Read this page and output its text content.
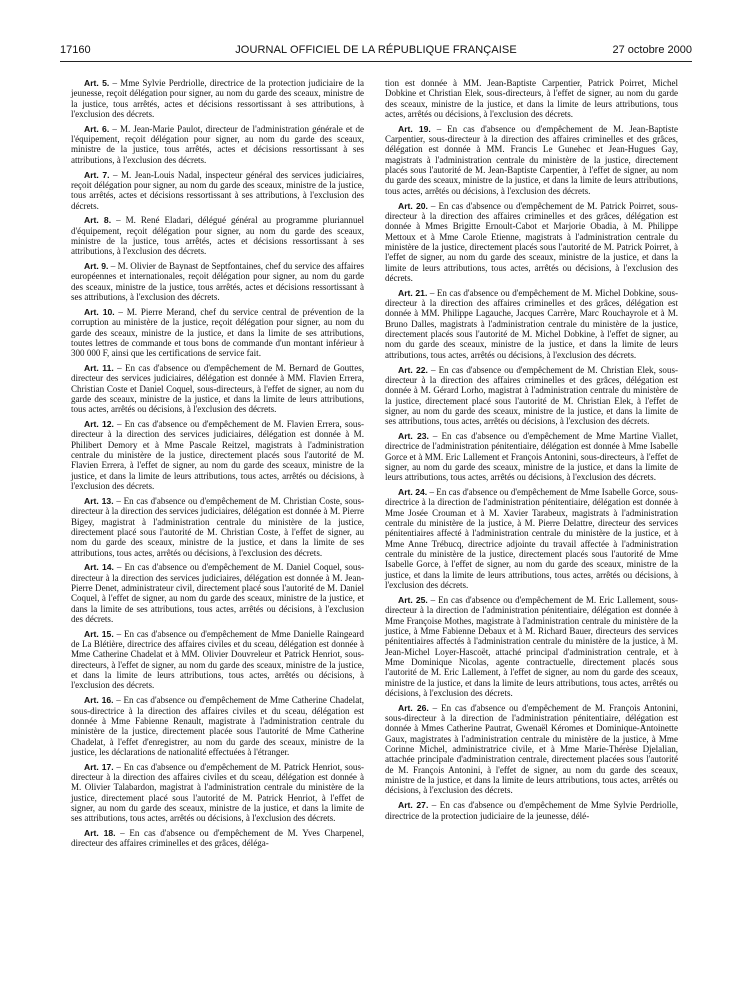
17160	JOURNAL OFFICIEL DE LA RÉPUBLIQUE FRANÇAISE	27 octobre 2000

Art. 5. – Mme Sylvie Perdriolle, directrice de la protection judiciaire de la jeunesse, reçoit délégation pour signer, au nom du garde des sceaux, ministre de la justice, tous arrêtés, actes et décisions ressortissant à ses attributions, à l'exclusion des décrets.

Art. 6. – M. Jean-Marie Paulot, directeur de l'administration générale et de l'équipement, reçoit délégation pour signer, au nom du garde des sceaux, ministre de la justice, tous arrêtés, actes et décisions ressortissant à ses attributions, à l'exclusion des décrets.

Art. 7. – M. Jean-Louis Nadal, inspecteur général des services judiciaires, reçoit délégation pour signer, au nom du garde des sceaux, ministre de la justice, tous arrêtés, actes et décisions ressortissant à ses attributions, à l'exclusion des décrets.

Art. 8. – M. René Eladari, délégué général au programme pluriannuel d'équipement, reçoit délégation pour signer, au nom du garde des sceaux, ministre de la justice, tous arrêtés, actes et décisions ressortissant à ses attributions, à l'exclusion des décrets.

Art. 9. – M. Olivier de Baynast de Septfontaines, chef du service des affaires européennes et internationales, reçoit délégation pour signer, au nom du garde des sceaux, ministre de la justice, tous arrêtés, actes et décisions ressortissant à ses attributions, à l'exclusion des décrets.

Art. 10. – M. Pierre Merand, chef du service central de prévention de la corruption au ministère de la justice, reçoit délégation pour signer, au nom du garde des sceaux, ministre de la justice, et dans la limite de ses attributions, toutes lettres de commande et tous bons de commande d'un montant inférieur à 300 000 F, ainsi que les certifications de service fait.

Art. 11. – En cas d'absence ou d'empêchement de M. Bernard de Gouttes, directeur des services judiciaires, délégation est donnée à MM. Flavien Errera, Christian Coste et Daniel Coquel, sous-directeurs, à l'effet de signer, au nom du garde des sceaux, ministre de la justice, et dans la limite de leurs attributions, tous actes, arrêtés ou décisions, à l'exclusion des décrets.

Art. 12. – En cas d'absence ou d'empêchement de M. Flavien Errera, sous-directeur à la direction des services judiciaires, délégation est donnée à M. Philibert Demory et à Mme Pascale Reitzel, magistrats à l'administration centrale du ministère de la justice, directement placés sous l'autorité de M. Flavien Errera, à l'effet de signer, au nom du garde des sceaux, ministre de la justice, et dans la limite de leurs attributions, tous actes, arrêtés ou décisions, à l'exclusion des décrets.

Art. 13. – En cas d'absence ou d'empêchement de M. Christian Coste, sous-directeur à la direction des services judiciaires, délégation est donnée à M. Pierre Bigey, magistrat à l'administration centrale du ministère de la justice, directement placé sous l'autorité de M. Christian Coste, à l'effet de signer, au nom du garde des sceaux, ministre de la justice, et dans la limite de ses attributions, tous actes, arrêtés ou décisions, à l'exclusion des décrets.

Art. 14. – En cas d'absence ou d'empêchement de M. Daniel Coquel, sous-directeur à la direction des services judiciaires, délégation est donnée à M. Jean-Pierre Denet, administrateur civil, directement placé sous l'autorité de M. Daniel Coquel, à l'effet de signer, au nom du garde des sceaux, ministre de la justice, et dans la limite de ses attributions, tous actes, arrêtés ou décisions, à l'exclusion des décrets.

Art. 15. – En cas d'absence ou d'empêchement de Mme Danielle Raingeard de La Blétière, directrice des affaires civiles et du sceau, délégation est donnée à Mme Catherine Chadelat et à MM. Olivier Douvreleur et Patrick Henriot, sous-directeurs, à l'effet de signer, au nom du garde des sceaux, ministre de la justice, et dans la limite de leurs attributions, tous actes, arrêtés ou décisions, à l'exclusion des décrets.

Art. 16. – En cas d'absence ou d'empêchement de Mme Catherine Chadelat, sous-directrice à la direction des affaires civiles et du sceau, délégation est donnée à Mme Fabienne Renault, magistrate à l'administration centrale du ministère de la justice, directement placée sous l'autorité de Mme Catherine Chadelat, à l'effet d'enregistrer, au nom du garde des sceaux, ministre de la justice, les déclarations de nationalité effectuées à l'étranger.

Art. 17. – En cas d'absence ou d'empêchement de M. Patrick Henriot, sous-directeur à la direction des affaires civiles et du sceau, délégation est donnée à M. Olivier Talabardon, magistrat à l'administration centrale du ministère de la justice, directement placé sous l'autorité de M. Patrick Henriot, à l'effet de signer, au nom du garde des sceaux, ministre de la justice, et dans la limite de ses attributions, tous actes, arrêtés ou décisions, à l'exclusion des décrets.

Art. 18. – En cas d'absence ou d'empêchement de M. Yves Charpenel, directeur des affaires criminelles et des grâces, déléga-

tion est donnée à MM. Jean-Baptiste Carpentier, Patrick Poirret, Michel Dobkine et Christian Elek, sous-directeurs, à l'effet de signer, au nom du garde des sceaux, ministre de la justice, et dans la limite de leurs attributions, tous actes, arrêtés ou décisions, à l'exclusion des décrets.

Art. 19. – En cas d'absence ou d'empêchement de M. Jean-Baptiste Carpentier, sous-directeur à la direction des affaires criminelles et des grâces, délégation est donnée à MM. Francis Le Gunehec et Jean-Hugues Gay, magistrats à l'administration centrale du ministère de la justice, directement placés sous l'autorité de M. Jean-Baptiste Carpentier, à l'effet de signer, au nom du garde des sceaux, ministre de la justice, et dans la limite de leurs attributions, tous actes, arrêtés ou décisions, à l'exclusion des décrets.

Art. 20. – En cas d'absence ou d'empêchement de M. Patrick Poirret, sous-directeur à la direction des affaires criminelles et des grâces, délégation est donnée à Mmes Brigitte Ernoult-Cabot et Marjorie Obadia, à M. Philippe Mettoux et à Mme Carole Etienne, magistrats à l'administration centrale du ministère de la justice, directement placés sous l'autorité de M. Patrick Poirret, à l'effet de signer, au nom du garde des sceaux, ministre de la justice, et dans la limite de leurs attributions, tous actes, arrêtés ou décisions, à l'exclusion des décrets.

Art. 21. – En cas d'absence ou d'empêchement de M. Michel Dobkine, sous-directeur à la direction des affaires criminelles et des grâces, délégation est donnée à MM. Philippe Lagauche, Jacques Carrère, Marc Rouchayrole et à M. Bruno Dalles, magistrats à l'administration centrale du ministère de la justice, directement placés sous l'autorité de M. Michel Dobkine, à l'effet de signer, au nom du garde des sceaux, ministre de la justice, et dans la limite de leurs attributions, tous actes, arrêtés ou décisions, à l'exclusion des décrets.

Art. 22. – En cas d'absence ou d'empêchement de M. Christian Elek, sous-directeur à la direction des affaires criminelles et des grâces, délégation est donnée à M. Gérard Lorho, magistrat à l'administration centrale du ministère de la justice, directement placé sous l'autorité de M. Christian Elek, à l'effet de signer, au nom du garde des sceaux, ministre de la justice, et dans la limite de ses attributions, tous actes, arrêtés ou décisions, à l'exclusion des décrets.

Art. 23. – En cas d'absence ou d'empêchement de Mme Martine Viallet, directrice de l'administration pénitentiaire, délégation est donnée à Mme Isabelle Gorce et à MM. Eric Lallement et François Antonini, sous-directeurs, à l'effet de signer, au nom du garde des sceaux, ministre de la justice, et dans la limite de leurs attributions, tous actes, arrêtés ou décisions, à l'exclusion des décrets.

Art. 24. – En cas d'absence ou d'empêchement de Mme Isabelle Gorce, sous-directrice à la direction de l'administration pénitentiaire, délégation est donnée à Mme Josée Crouman et à M. Xavier Tarabeux, magistrats à l'administration centrale du ministère de la justice, à M. Pierre Delattre, directeur des services pénitentiaires affecté à l'administration centrale du ministère de la justice, et à Mme Anne Trébucq, directrice adjointe du travail affectée à l'administration centrale du ministère de la justice, directement placés sous l'autorité de Mme Isabelle Gorce, à l'effet de signer, au nom du garde des sceaux, ministre de la justice, et dans la limite de leurs attributions, tous actes, arrêtés ou décisions, à l'exclusion des décrets.

Art. 25. – En cas d'absence ou d'empêchement de M. Eric Lallement, sous-directeur à la direction de l'administration pénitentiaire, délégation est donnée à Mme Françoise Mothes, magistrate à l'administration centrale du ministère de la justice, à Mme Fabienne Debaux et à M. Richard Bauer, directeurs des services pénitentiaires affectés à l'administration centrale du ministère de la justice, à M. Jean-Michel Loyer-Hascoët, attaché principal d'administration centrale, et à Mme Dominique Nicolas, agente contractuelle, directement placés sous l'autorité de M. Eric Lallement, à l'effet de signer, au nom du garde des sceaux, ministre de la justice, et dans la limite de leurs attributions, tous actes, arrêtés ou décisions, à l'exclusion des décrets.

Art. 26. – En cas d'absence ou d'empêchement de M. François Antonini, sous-directeur à la direction de l'administration pénitentiaire, délégation est donnée à Mmes Catherine Pautrat, Gwenaël Kéromes et Dominique-Antoinette Gaux, magistrates à l'administration centrale du ministère de la justice, à Mme Corinne Michel, administratrice civile, et à Mme Marie-Thérèse Djelalian, attachée principale d'administration centrale, directement placées sous l'autorité de M. François Antonini, à l'effet de signer, au nom du garde des sceaux, ministre de la justice, et dans la limite de leurs attributions, tous actes, arrêtés ou décisions, à l'exclusion des décrets.

Art. 27. – En cas d'absence ou d'empêchement de Mme Sylvie Perdriolle, directrice de la protection judiciaire de la jeunesse, délé-
